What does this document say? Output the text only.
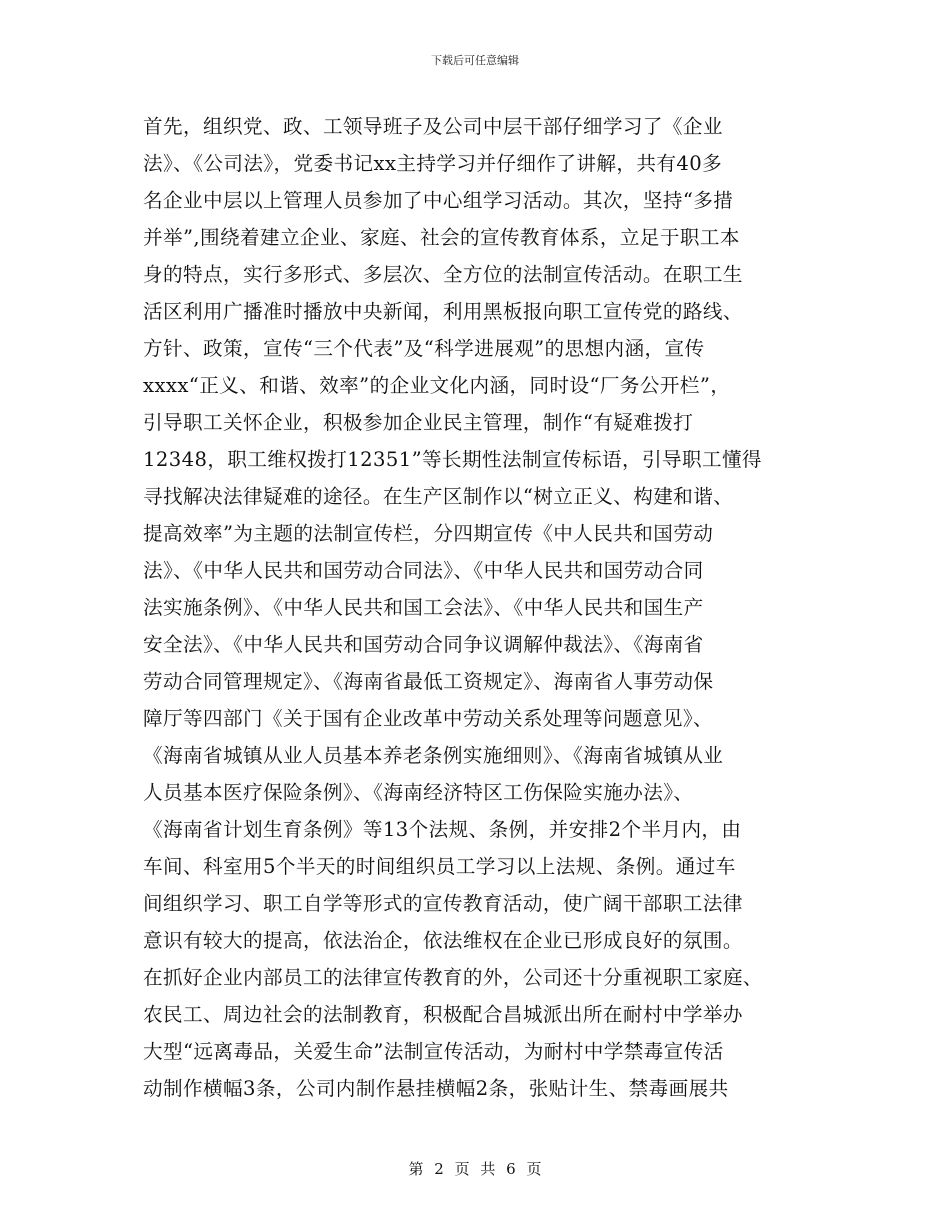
下载后可任意编辑
首先，组织党、政、工领导班子及公司中层干部仔细学习了《企业
法》、《公司法》，党委书记xx主持学习并仔细作了讲解，共有40多
名企业中层以上管理人员参加了中心组学习活动。其次，坚持“多措
并举”,围绕着建立企业、家庭、社会的宣传教育体系，立足于职工本
身的特点，实行多形式、多层次、全方位的法制宣传活动。在职工生
活区利用广播准时播放中央新闻，利用黑板报向职工宣传党的路线、
方针、政策，宣传“三个代表”及“科学进展观”的思想内涵，宣传
xxxx“正义、和谐、效率”的企业文化内涵，同时设“厂务公开栏”，
引导职工关怀企业，积极参加企业民主管理，制作“有疑难拨打
12348，职工维权拨打12351”等长期性法制宣传标语，引导职工懂得
寻找解决法律疑难的途径。在生产区制作以“树立正义、构建和谐、
提高效率”为主题的法制宣传栏，分四期宣传《中人民共和国劳动
法》、《中华人民共和国劳动合同法》、《中华人民共和国劳动合同
法实施条例》、《中华人民共和国工会法》、《中华人民共和国生产
安全法》、《中华人民共和国劳动合同争议调解仲裁法》、《海南省
劳动合同管理规定》、《海南省最低工资规定》、海南省人事劳动保
障厅等四部门《关于国有企业改革中劳动关系处理等问题意见》、
《海南省城镇从业人员基本养老条例实施细则》、《海南省城镇从业
人员基本医疗保险条例》、《海南经济特区工伤保险实施办法》、
《海南省计划生育条例》等13个法规、条例，并安排2个半月内，由
车间、科室用5个半天的时间组织员工学习以上法规、条例。通过车
间组织学习、职工自学等形式的宣传教育活动，使广阔干部职工法律
意识有较大的提高，依法治企，依法维权在企业已形成良好的氛围。
在抓好企业内部员工的法律宣传教育的外，公司还十分重视职工家庭、
农民工、周边社会的法制教育，积极配合昌城派出所在耐村中学举办
大型“远离毒品，关爱生命”法制宣传活动，为耐村中学禁毒宣传活
动制作横幅3条，公司内制作悬挂横幅2条，张贴计生、禁毒画展共
第 2 页 共 6 页
